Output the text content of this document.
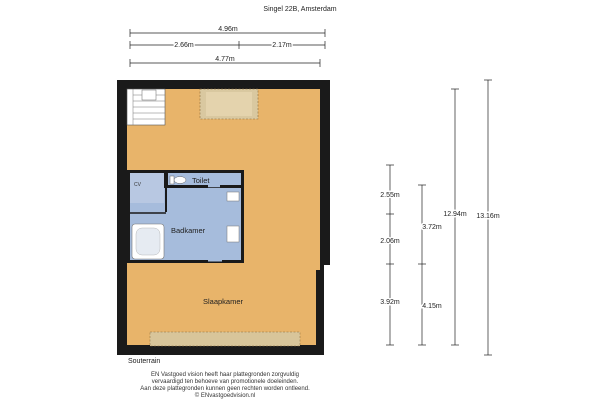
Singel 22B, Amsterdam
4.96m
2.66m	2.17m
4.77m
CV	Toilet
Badkamer
Slaapkamer
2.55m
2.06m
3.92m
3.72m
4.15m
12.94m 13.16m
Souterrain
EN Vastgoed vision heeft haar plattegronden zorgvuldig
vervaardigd ten behoeve van promotionele doeleinden.
Aan deze plattegronden kunnen geen rechten worden ontleend.
© ENvastgoedvision.nl
